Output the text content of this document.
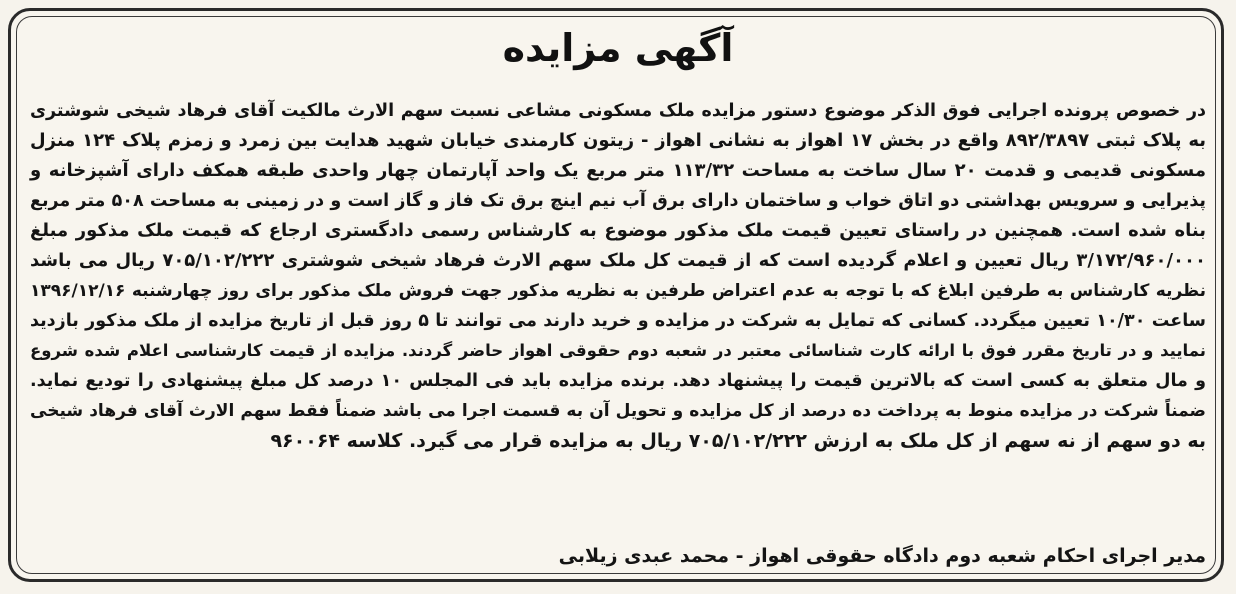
آگهی مزایده
در خصوص پرونده اجرایی فوق الذکر موضوع دستور مزایده ملک مسکونی مشاعی نسبت سهم الارث مالکیت آقای فرهاد شیخی شوشتری
به پلاک ثبتی ۸۹۲/۳۸۹۷ واقع در بخش ۱۷ اهواز به نشانی اهواز - زیتون کارمندی خیابان شهید هدایت بین زمرد و زمزم پلاک ۱۲۴ منزل
مسکونی قدیمی و قدمت ۲۰ سال ساخت به مساحت ۱۱۳/۳۲ متر مربع یک واحد آپارتمان چهار واحدی طبقه همکف دارای آشپزخانه و
پذیرایی و سرویس بهداشتی دو اتاق خواب و ساختمان دارای برق آب نیم اینچ برق تک فاز و گاز است و در زمینی به مساحت ۵۰۸ متر مربع
بناه شده است. همچنین در راستای تعیین قیمت ملک مذکور موضوع به کارشناس رسمی دادگستری ارجاع که قیمت ملک مذکور مبلغ
۳/۱۷۲/۹۶۰/۰۰۰ ریال تعیین و اعلام گردیده است که از قیمت کل ملک سهم الارث فرهاد شیخی شوشتری ۷۰۵/۱۰۲/۲۲۲ ریال می باشد
نظریه کارشناس به طرفین ابلاغ که با توجه به عدم اعتراض طرفین به نظریه مذکور جهت فروش ملک مذکور برای روز چهارشنبه ۱۳۹۶/۱۲/۱۶
ساعت ۱۰/۳۰ تعیین میگردد. کسانی که تمایل به شرکت در مزایده و خرید دارند می توانند تا ۵ روز قبل از تاریخ مزایده از ملک مذکور بازدید
نمایید و در تاریخ مقرر فوق با ارائه کارت شناسائی معتبر در شعبه دوم حقوقی اهواز حاضر گردند. مزایده از قیمت کارشناسی اعلام شده شروع
و مال متعلق به کسی است که بالاترین قیمت را پیشنهاد دهد. برنده مزایده باید فی المجلس ۱۰ درصد کل مبلغ پیشنهادی را تودیع نماید.
ضمناً شرکت در مزایده منوط به پرداخت ده درصد از کل مزایده و تحویل آن به قسمت اجرا می باشد ضمناً فقط سهم الارث آقای فرهاد شیخی
به دو سهم از نه سهم از کل ملک به ارزش ۷۰۵/۱۰۲/۲۲۲ ریال به مزایده قرار می گیرد. کلاسه ۹۶۰۰۶۴
مدیر اجرای احکام شعبه دوم دادگاه حقوقی اهواز - محمد عبدی زیلابی
